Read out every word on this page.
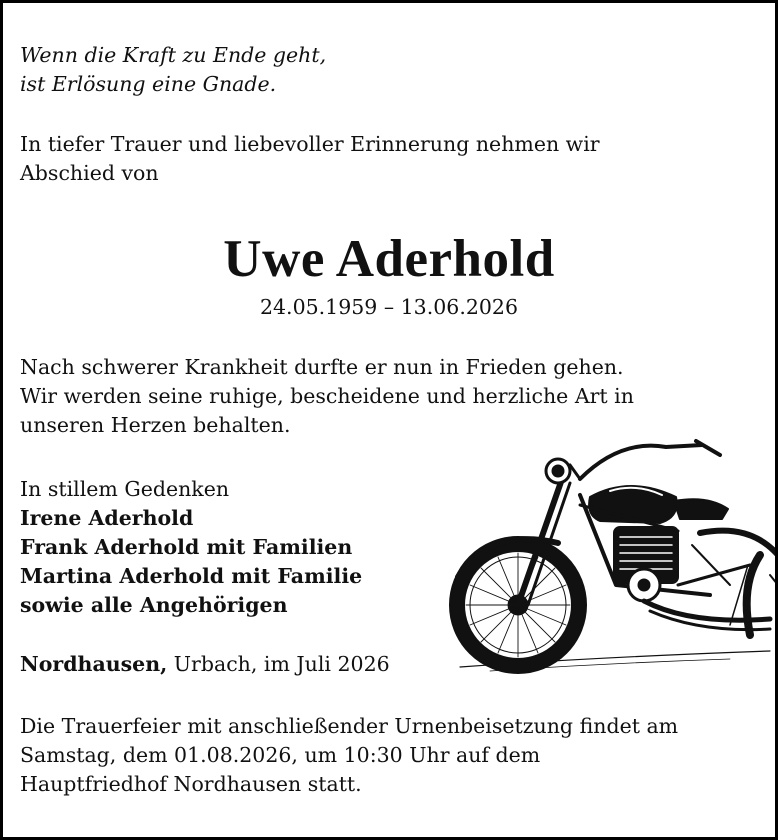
Wenn die Kraft zu Ende geht,
ist Erlösung eine Gnade.
In tiefer Trauer und liebevoller Erinnerung nehmen wir
Abschied von
Uwe Aderhold
24.05.1959 – 13.06.2026
Nach schwerer Krankheit durfte er nun in Frieden gehen.
Wir werden seine ruhige, bescheidene und herzliche Art in
unseren Herzen behalten.
In stillem Gedenken
Irene Aderhold
Frank Aderhold mit Familien
Martina Aderhold mit Familie
sowie alle Angehörigen
Nordhausen, Urbach, im Juli 2026
Die Trauerfeier mit anschließender Urnenbeisetzung findet am
Samstag, dem 01.08.2026, um 10:30 Uhr auf dem
Hauptfriedhof Nordhausen statt.
